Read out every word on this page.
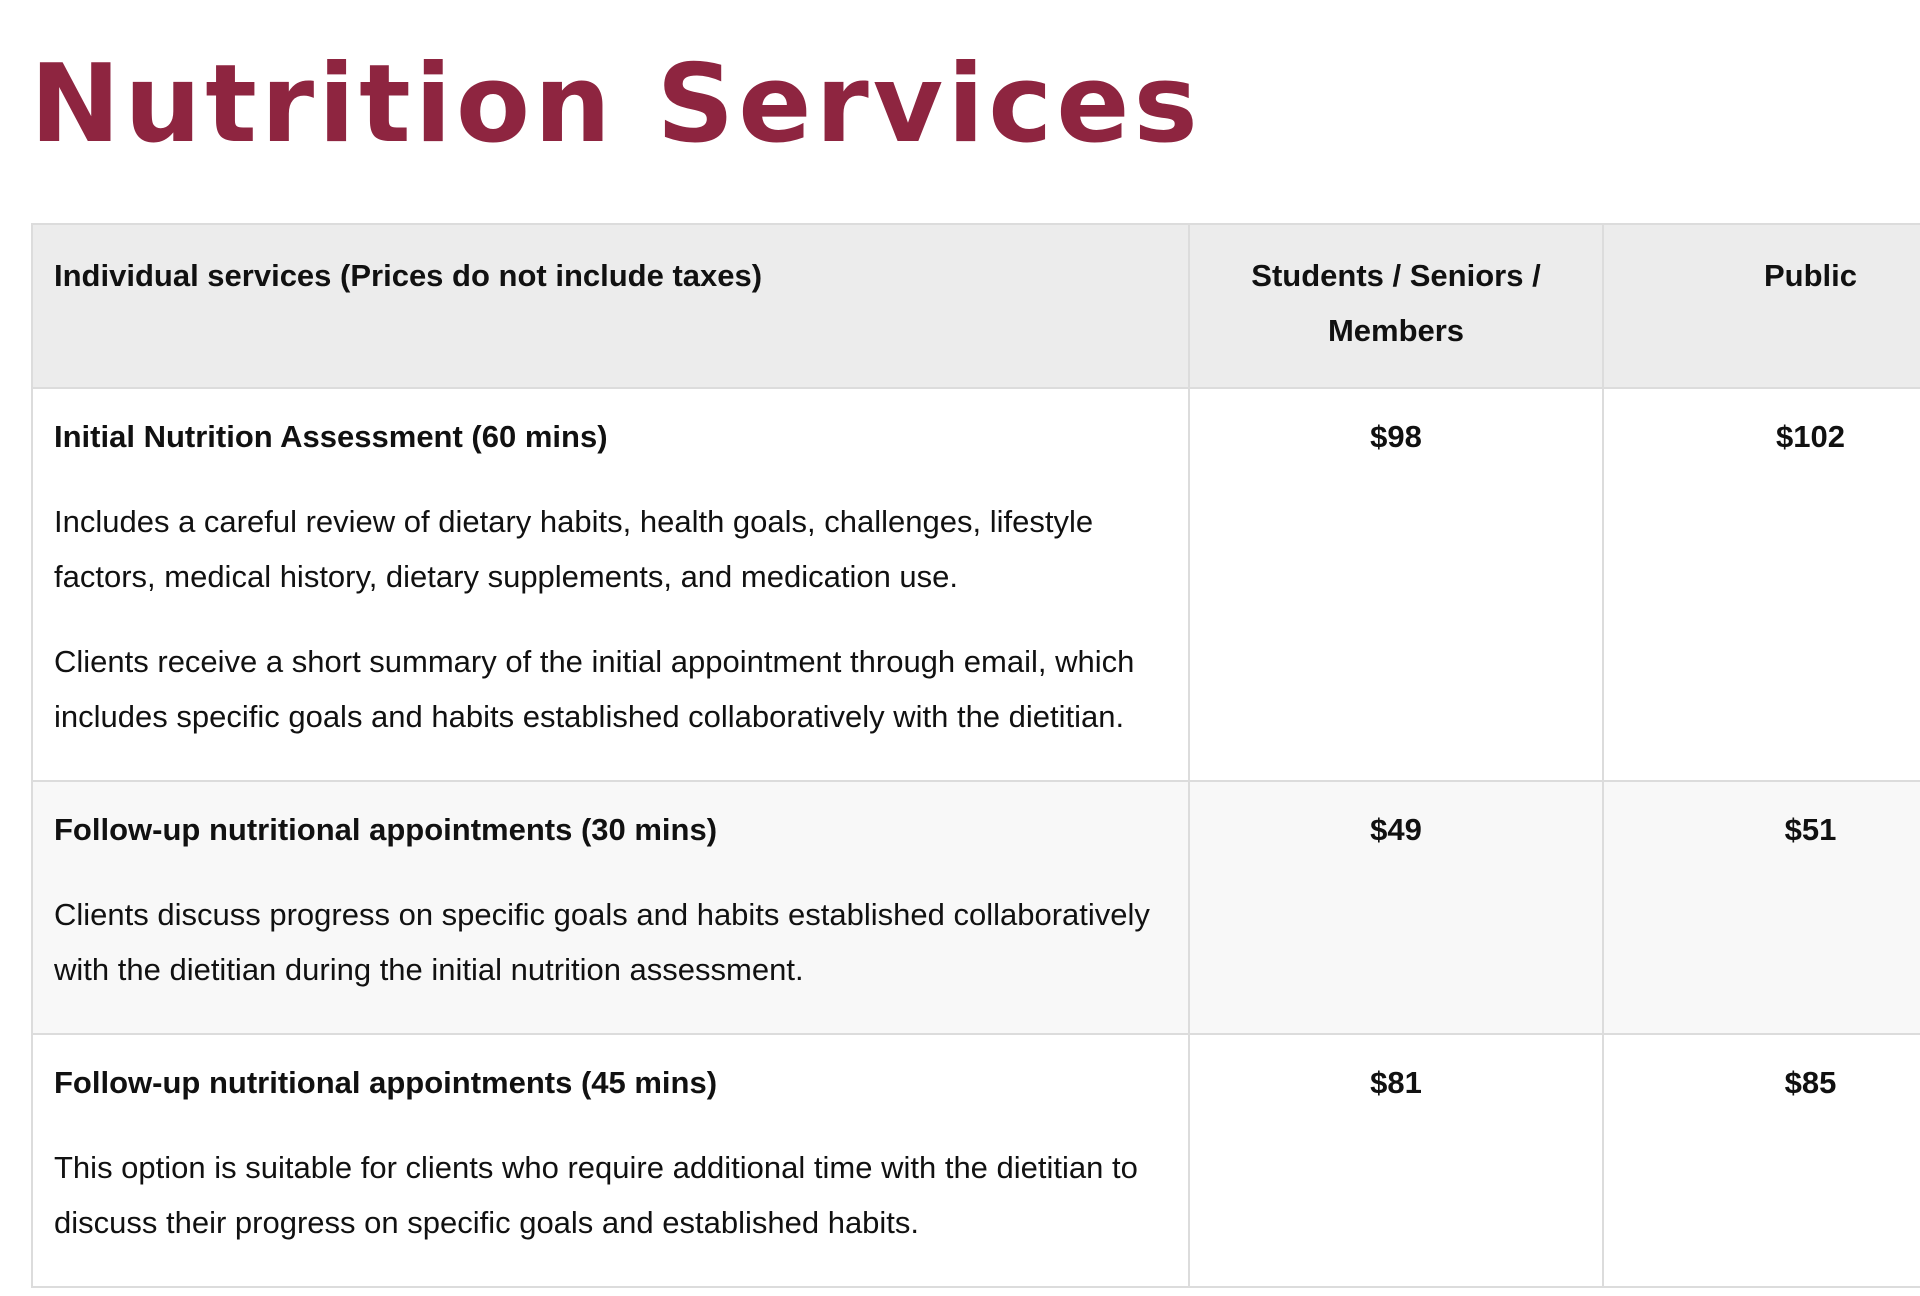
Nutrition Services
Individual services (Prices do not include taxes)	Students / Seniors / Members	Public

Initial Nutrition Assessment (60 mins)

Includes a careful review of dietary habits, health goals, challenges, lifestyle factors, medical history, dietary supplements, and medication use.

Clients receive a short summary of the initial appointment through email, which includes specific goals and habits established collaboratively with the dietitian.	$98	$102

Follow-up nutritional appointments (30 mins)

Clients discuss progress on specific goals and habits established collaboratively with the dietitian during the initial nutrition assessment.	$49	$51

Follow-up nutritional appointments (45 mins)

This option is suitable for clients who require additional time with the dietitian to discuss their progress on specific goals and established habits.	$81	$85
